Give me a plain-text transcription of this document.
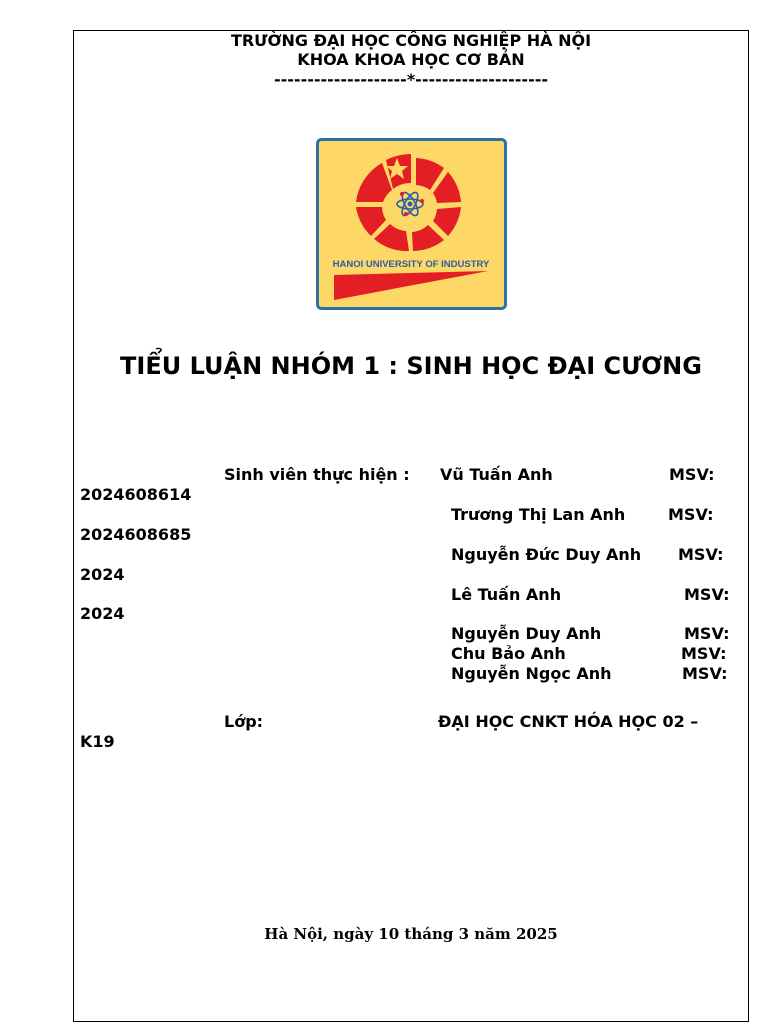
TRƯỜNG ĐẠI HỌC CÔNG NGHIỆP HÀ NỘI
KHOA KHOA HỌC CƠ BẢN
--------------------*--------------------
HANOI UNIVERSITY OF INDUSTRY
TIỂU LUẬN NHÓM 1 : SINH HỌC ĐẠI CƯƠNG
Sinh viên thực hiện : Vũ Tuấn Anh	MSV:
2024608614
Trương Thị Lan Anh	MSV:
2024608685
Nguyễn Đức Duy Anh MSV:
2024
Lê Tuấn Anh	MSV:
2024
Nguyễn Duy Anh	MSV:
Chu Bảo Anh	MSV:
Nguyễn Ngọc Anh	MSV:
Lớp:	ĐẠI HỌC CNKT HÓA HỌC 02 –
K19
Hà Nội, ngày 10 tháng 3 năm 2025
